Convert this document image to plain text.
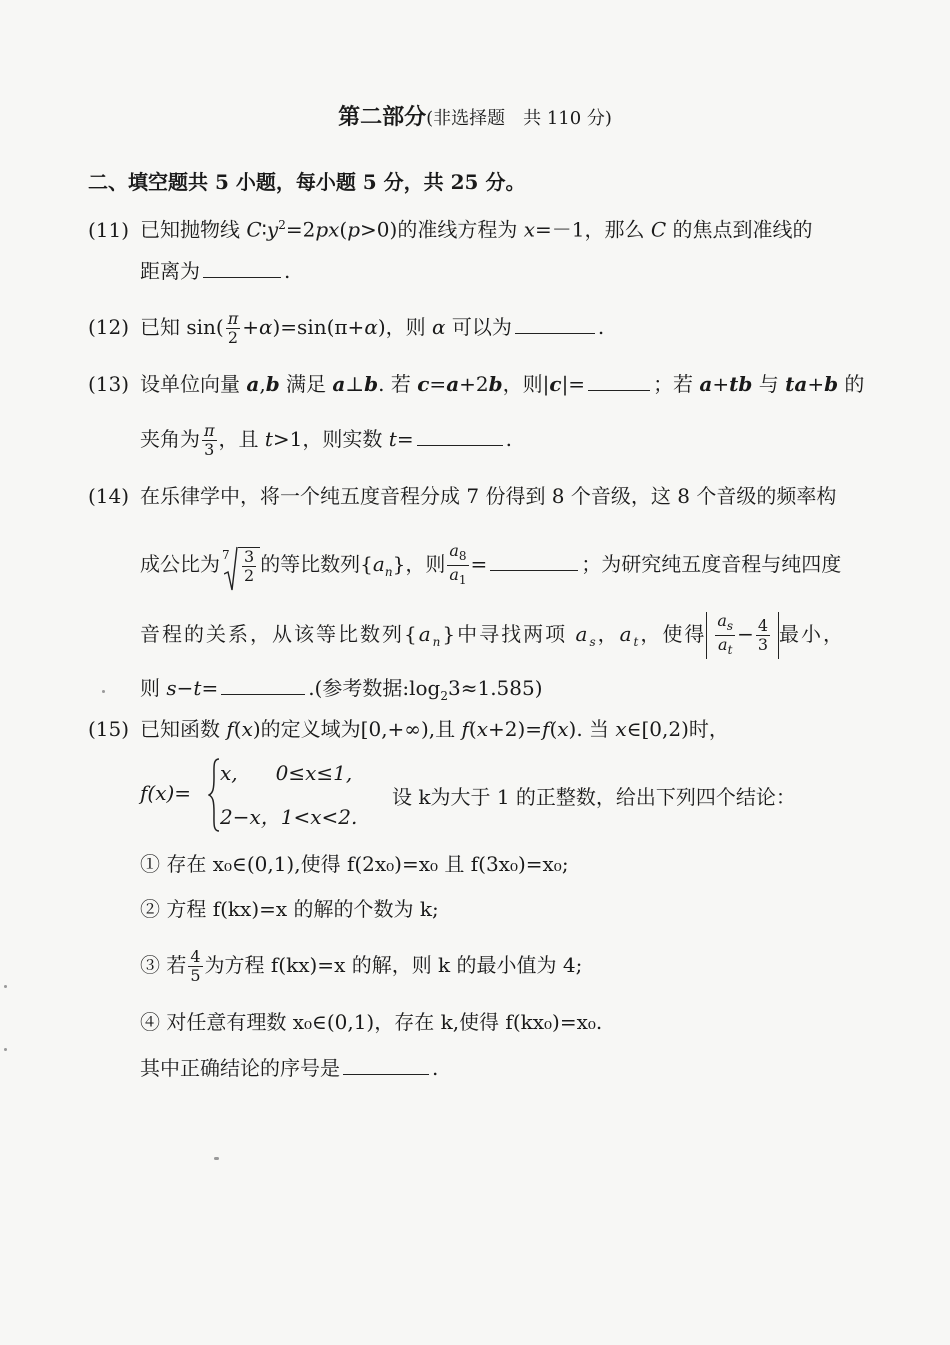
第二部分(非选择题　共 110 分)
二、填空题共 5 小题，每小题 5 分，共 25 分。
(11) 已知抛物线 $C∶y^2=2px(p>0)$的准线方程为 x=－1，那么 C 的焦点到准线的
距离为	.
(12) 已知 $\sin( \frac{\pi}{2} +\alpha)=\sin(\pi+\alpha)$，则 α 可以为	.
(13) 设单位向量 a,b 满足 a⊥b. 若 c=a+2b，则|c|=	；若 a+tb 与 ta+b 的
夹角为 $\frac{\pi}{3}$ ，且 t>1，则实数 t=	.
(14) 在乐律学中，将一个纯五度音程分成 7 份得到 8 个音级，这 8 个音级的频率构
成公比为 $7 \frac{3}{2}$ 的等比数列$\{a_n\}$，则 $\frac{a_8}{a_1}$ =	；为研究纯五度音程与纯四度
音程的关系，从该等比数列$\{a_n\}$中寻找两项 $a_s$，$a_t$，使得 $\frac{a_s}{a_t} - \frac{4}{3}$ 最小，
则 s−t=	.(参考数据$:\log_23\approx 1.585$)
(15) 已知函数 f(x)的定义域为[0,+∞),且 f(x+2)=f(x). 当 x∈[0,2)时，
f(x)=
x, 0≤x≤1,
2−x，1<x<2.
设 k为大于 1 的正整数，给出下列四个结论：
① 存在 x₀∈(0,1),使得 f(2x₀)=x₀ 且 f(3x₀)=x₀;
② 方程 f(kx)=x 的解的个数为 k;
③ 若 $\frac{4}{5}$ 为方程 f(kx)=x 的解，则 k 的最小值为 4;
④ 对任意有理数 x₀∈(0,1)，存在 k,使得 f(kx₀)=x₀.
其中正确结论的序号是	.
